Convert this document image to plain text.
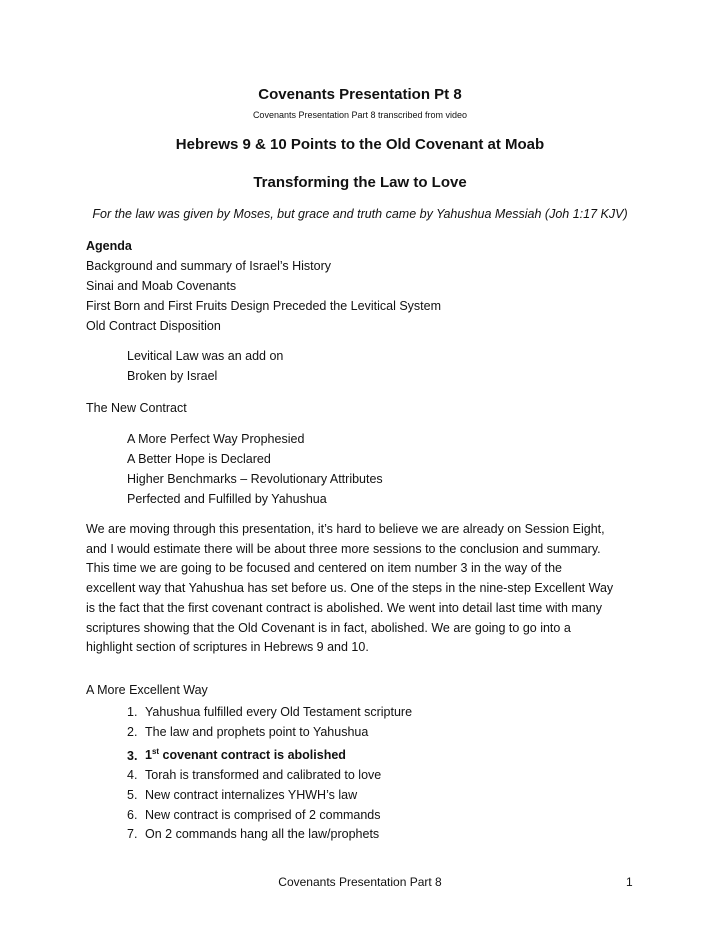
Covenants Presentation Pt 8
Covenants Presentation Part 8 transcribed from video
Hebrews 9 & 10 Points to the Old Covenant at Moab
Transforming the Law to Love
For the law was given by Moses, but grace and truth came by Yahushua Messiah (Joh 1:17 KJV)
Agenda
Background and summary of Israel’s History
Sinai and Moab Covenants
First Born and First Fruits Design Preceded the Levitical System
Old Contract Disposition
Levitical Law was an add on
Broken by Israel
The New Contract
A More Perfect Way Prophesied
A Better Hope is Declared
Higher Benchmarks – Revolutionary Attributes
Perfected and Fulfilled by Yahushua
We are moving through this presentation, it’s hard to believe we are already on Session Eight,
and I would estimate there will be about three more sessions to the conclusion and summary.
This time we are going to be focused and centered on item number 3 in the way of the
excellent way that Yahushua has set before us. One of the steps in the nine-step Excellent Way
is the fact that the first covenant contract is abolished. We went into detail last time with many
scriptures showing that the Old Covenant is in fact, abolished. We are going to go into a
highlight section of scriptures in Hebrews 9 and 10.
A More Excellent Way
1. Yahushua fulfilled every Old Testament scripture
2. The law and prophets point to Yahushua
3. 1st covenant contract is abolished
4. Torah is transformed and calibrated to love
5. New contract internalizes YHWH’s law
6. New contract is comprised of 2 commands
7. On 2 commands hang all the law/prophets
Covenants Presentation Part 8	1
